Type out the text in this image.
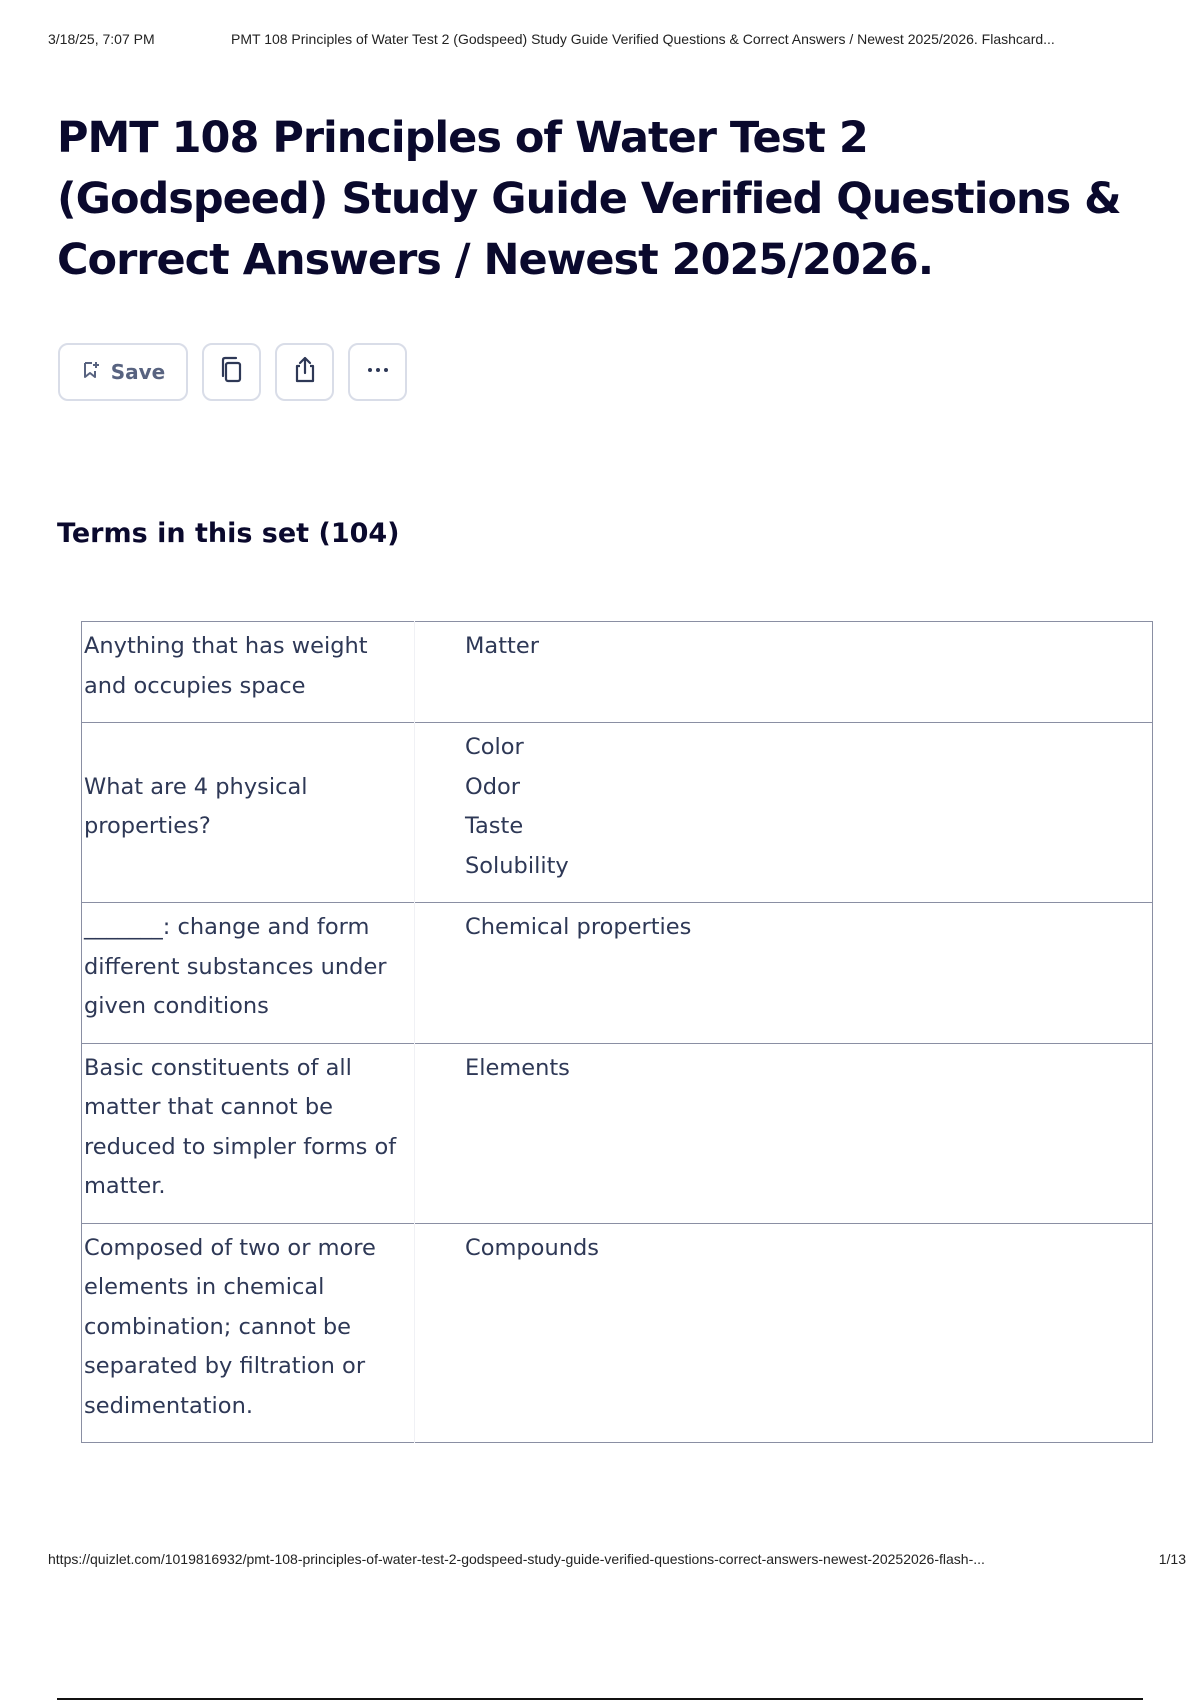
3/18/25, 7:07 PM	PMT 108 Principles of Water Test 2 (Godspeed) Study Guide Verified Questions & Correct Answers / Newest 2025/2026. Flashcard...
PMT 108 Principles of Water Test 2 (Godspeed) Study Guide Verified Questions & Correct Answers / Newest 2025/2026.
Save
Terms in this set (104)
Anything that has weight and occupies space	Matter

What are 4 physical properties?	Color
Odor
Taste
Solubility

_______: change and form different substances under given conditions	Chemical properties

Basic constituents of all matter that cannot be reduced to simpler forms of matter.	Elements

Composed of two or more elements in chemical combination; cannot be separated by filtration or sedimentation.	Compounds
https://quizlet.com/1019816932/pmt-108-principles-of-water-test-2-godspeed-study-guide-verified-questions-correct-answers-newest-20252026-flash-...	1/13
